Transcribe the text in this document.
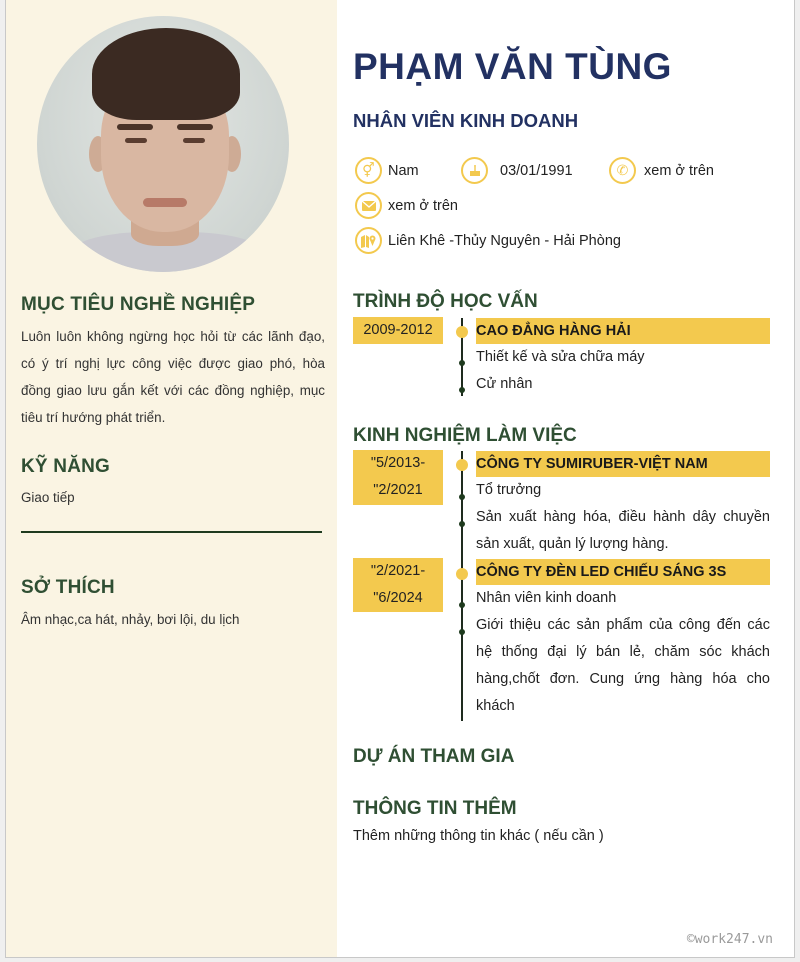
MỤC TIÊU NGHỀ NGHIỆP
Luôn luôn không ngừng học hỏi từ các lãnh đạo, có ý trí nghị lực công việc được giao phó, hòa đồng giao lưu gắn kết với các đồng nghiệp, mục tiêu trí hướng phát triển.
KỸ NĂNG
Giao tiếp
SỞ THÍCH
Âm nhạc,ca hát, nhảy, bơi lội, du lịch
PHẠM VĂN TÙNG
NHÂN VIÊN KINH DOANH
⚥ Nam	03/01/1991	✆	xem ở trên
xem ở trên
Liên Khê -Thủy Nguyên - Hải Phòng
TRÌNH ĐỘ HỌC VẤN
2009-2012	CAO ĐẲNG HÀNG HẢI
Thiết kế và sửa chữa máy
Cử nhân
KINH NGHIỆM LÀM VIỆC
"5/2013-
"2/2021
CÔNG TY SUMIRUBER-VIỆT NAM
Tổ trưởng
Sản xuất hàng hóa, điều hành dây chuyền sản xuất, quản lý lượng hàng.
"2/2021-
"6/2024
CÔNG TY ĐÈN LED CHIẾU SÁNG 3S
Nhân viên kinh doanh
Giới thiệu các sản phẩm của công đến các hệ thống đại lý bán lẻ, chăm sóc khách hàng,chốt đơn. Cung ứng hàng hóa cho khách
DỰ ÁN THAM GIA
THÔNG TIN THÊM
Thêm những thông tin khác ( nếu cần )
©work247.vn
